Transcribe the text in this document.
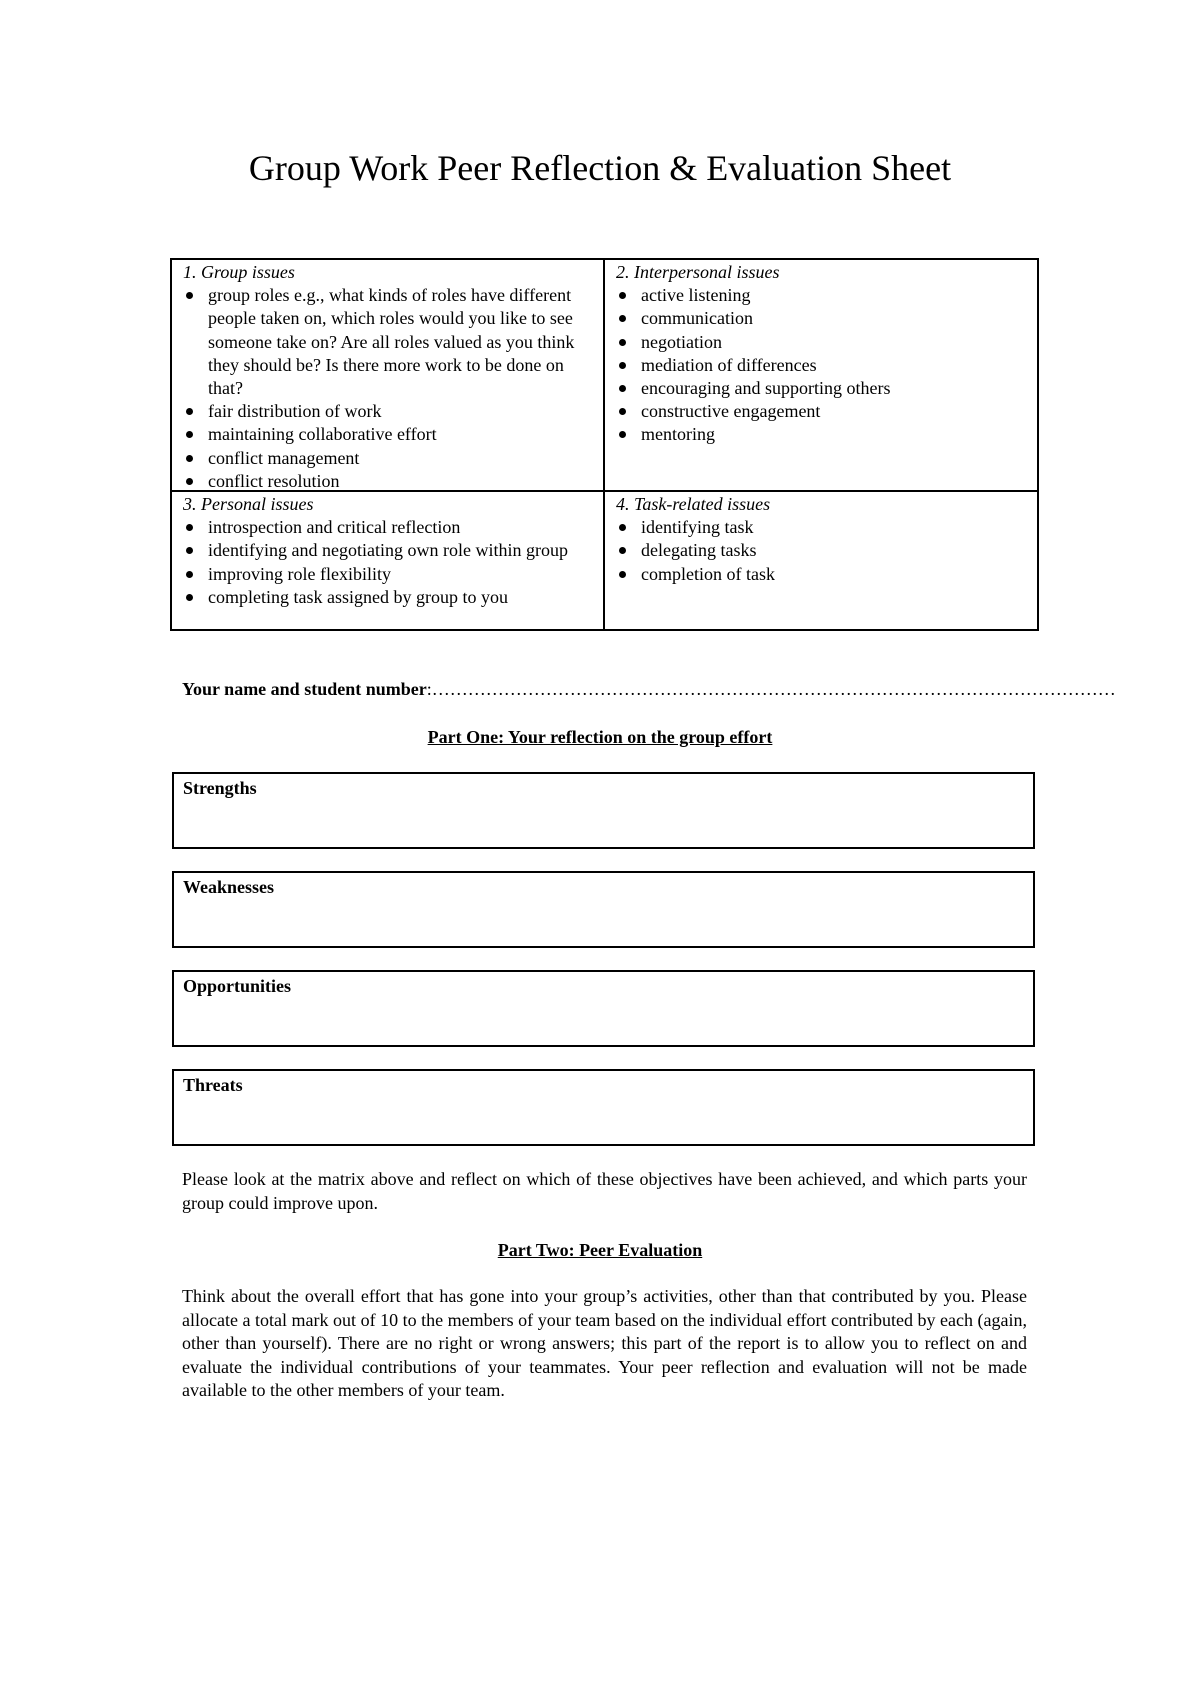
Group Work Peer Reflection & Evaluation Sheet
1. Group issues
group roles e.g., what kinds of roles have different people taken on, which roles would you like to see someone take on? Are all roles valued as you think they should be? Is there more work to be done on that?
fair distribution of work
maintaining collaborative effort
conflict management
conflict resolution
2. Interpersonal issues
active listening
communication
negotiation
mediation of differences
encouraging and supporting others
constructive engagement
mentoring
3. Personal issues
introspection and critical reflection
identifying and negotiating own role within group
improving role flexibility
completing task assigned by group to you
4. Task-related issues
identifying task
delegating tasks
completion of task
Your name and student number:……………………………………………………………………………………………………
Part One: Your reflection on the group effort
Strengths
Weaknesses
Opportunities
Threats

Please look at the matrix above and reflect on which of these objectives have been achieved, and which parts your group could improve upon.

Part Two: Peer Evaluation

Think about the overall effort that has gone into your group’s activities, other than that contributed by you. Please allocate a total mark out of 10 to the members of your team based on the individual effort contributed by each (again, other than yourself). There are no right or wrong answers; this part of the report is to allow you to reflect on and evaluate the individual contributions of your teammates. Your peer reflection and evaluation will not be made available to the other members of your team.
